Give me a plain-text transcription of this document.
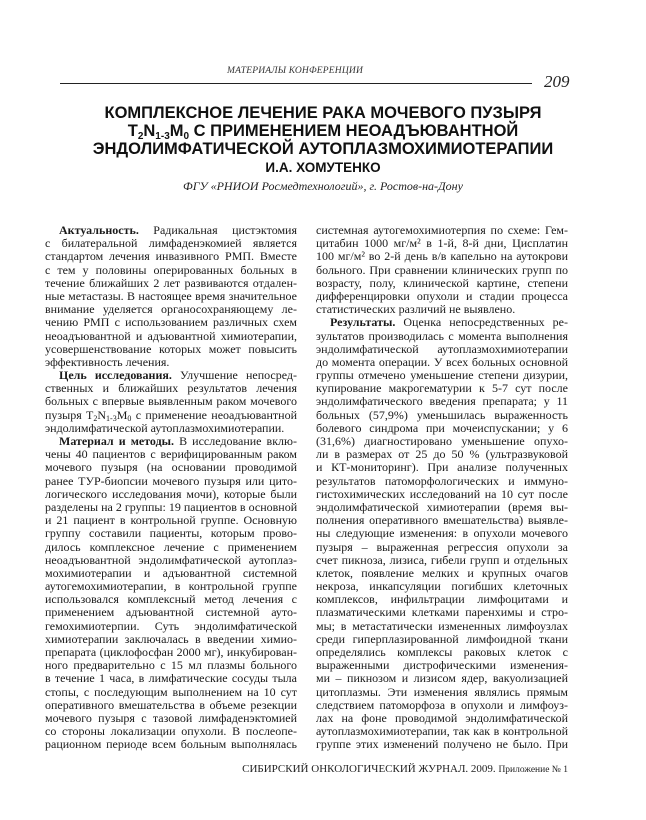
МАТЕРИАЛЫ КОНФЕРЕНЦИИ
209
КОМПЛЕКСНОЕ ЛЕЧЕНИЕ РАКА МОЧЕВОГО ПУЗЫРЯ
$T_2N_{1-3}M_0$ С ПРИМЕНЕНИЕМ НЕОАДЪЮВАНТНОЙ
ЭНДОЛИМФАТИЧЕСКОЙ АУТОПЛАЗМОХИМИОТЕРАПИИ
И.А. ХОМУТЕНКО
ФГУ «РНИОИ Росмедтехнологий», г. Ростов-на-Дону
Актуальность. Радикальная цистэктомия
с билатеральной лимфаденэкомией является
стандартом лечения инвазивного РМП. Вместе
с тем у половины оперированных больных в
течение ближайших 2 лет развиваются отдален-
ные метастазы. В настоящее время значительное
внимание уделяется органосохраняющему ле-
чению РМП с использованием различных схем
неоадъювантной и адъювантной химиотерапии,
усовершенствование которых может повысить
эффективность лечения.
Цель исследования. Улучшение непосред-
ственных и ближайших результатов лечения
больных с впервые выявленным раком мочевого
пузыря $T_2N_{1-3}M_0$ с применение неоадъювантной
эндолимфатической аутоплазмохимиотерапии.
Материал и методы. В исследование вклю-
чены 40 пациентов с верифицированным раком
мочевого пузыря (на основании проводимой
ранее ТУР-биопсии мочевого пузыря или цито-
логического исследования мочи), которые были
разделены на 2 группы: 19 пациентов в основной
и 21 пациент в контрольной группе. Основную
группу составили пациенты, которым прово-
дилось комплексное лечение с применением
неоадъювантной эндолимфатической аутоплаз-
мохимиотерапии и адъювантной системной
аутогемохимиотерапии, в контрольной группе
использовался комплексный метод лечения с
применением адъювантной системной ауто-
гемохимиотерпии. Суть эндолимфатической
химиотерапии заключалась в введении химио-
препарата (циклофосфан 2000 мг), инкубирован-
ного предварительно с 15 мл плазмы больного
в течение 1 часа, в лимфатические сосуды тыла
стопы, с последующим выполнением на 10 сут
оперативного вмешательства в объеме резекции
мочевого пузыря с тазовой лимфаденэктомией
со стороны локализации опухоли. В послеопе-
рационном периоде всем больным выполнялась
системная аутогемохимиотерпия по схеме: Гем-
цитабин 1000 мг/м² в 1-й, 8-й дни, Цисплатин
100 мг/м² во 2-й день в/в капельно на аутокрови
больного. При сравнении клинических групп по
возрасту, полу, клинической картине, степени
дифференцировки опухоли и стадии процесса
статистических различий не выявлено.
Результаты. Оценка непосредственных ре-
зультатов производилась с момента выполнения
эндолимфатической аутоплазмохимиотерапии
до момента операции. У всех больных основной
группы отмечено уменьшение степени дизурии,
купирование макрогематурии к 5-7 сут после
эндолимфатического введения препарата; у 11
больных (57,9%) уменьшилась выраженность
болевого синдрома при мочеиспускании; у 6
(31,6%) диагностировано уменьшение опухо-
ли в размерах от 25 до 50 % (ультразвуковой
и КТ-мониторинг). При анализе полученных
результатов патоморфологических и иммуно-
гистохимических исследований на 10 сут после
эндолимфатической химиотерапии (время вы-
полнения оперативного вмешательства) выявле-
ны следующие изменения: в опухоли мочевого
пузыря – выраженная регрессия опухоли за
счет пикноза, лизиса, гибели групп и отдельных
клеток, появление мелких и крупных очагов
некроза, инкапсуляции погибших клеточных
комплексов, инфильтрации лимфоцитами и
плазматическими клетками паренхимы и стро-
мы; в метастатически измененных лимфоузлах
среди гиперплазированной лимфоидной ткани
определялись комплексы раковых клеток с
выраженными дистрофическими изменения-
ми – пикнозом и лизисом ядер, вакуолизацией
цитоплазмы. Эти изменения являлись прямым
следствием патоморфоза в опухоли и лимфоуз-
лах на фоне проводимой эндолимфатической
аутоплазмохимиотерапии, так как в контрольной
группе этих изменений получено не было. При
СИБИРСКИЙ ОНКОЛОГИЧЕСКИЙ ЖУРНАЛ. 2009. Приложение № 1
